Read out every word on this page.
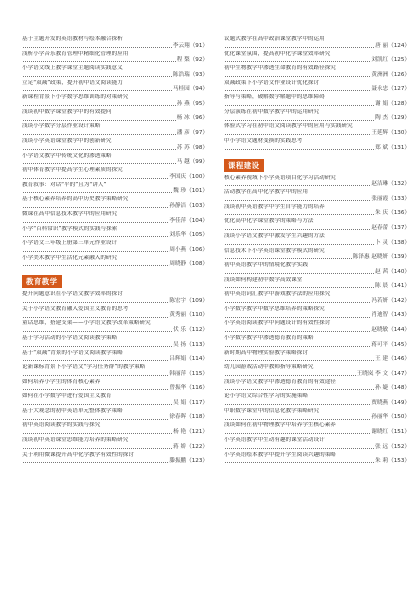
基于主题开发的英语教材与绘本融合探析
李云翔（91）
浅析小学音乐教育管理中精细化管理的应用
程 梨（92）
小学语文线上教学课堂主题阅读实践意义
陈浩瑞（93）
立足“双减”政策，提升初中语文阅读能力
马桂园（94）
新课程背景下小学数学思维训练的对策研究
孙 燕（95）
浅谈初中数学课堂教学中的有效提问
杨 冰（96）
浅谈小学数学分层作业设计策略
潘 彦（97）
浅谈小学英语课堂教学中的创新研究
苏 苏（98）
小学语文教学中传统文化的渗透策略
马 越（99）
初中体育教学中提高学生心理素质的探究
李国庆（100）
教育叙事：对话“平的”且为“讲人”
魏 珍（101）
基于核心素养培养的高中历史教学策略研究
孙静洁（103）
微课在高中信息技术教学中的应用研究
李佳萍（104）
小学“百科常识”教学模式的实践与探索
刘乐华（105）
小学语文三年级上册第三单元作业设计
周小燕（106）
小学美术教学中生活化元素融入的研究
周晓静（108）
教育教学

提升问题意识在小学语文教学效率的探讨
陈宏宇（109）
关于小学语文教育融入爱国主义教育的思考
黄秀丽（110）
童话思维，搭建支架——小学语文教学改革策略研究
伏 乐（112）
基于学习活动的小学语文阅读教学策略
吴 扬（113）
基于“双减”背景的小学语文阅读教学策略
吕辉娟（114）
论新课标背景下小学语文“学习任务群”的教学策略
韩丽萍（115）
如何培养小学生的体育核心素养
曾振华（116）
如何在小学数学中进行爱国主义教育
吴 娟（117）
基于大观念的初中英语单元整体教学策略
徐春晖（118）
初中英语阅读教学的实践与探究
杨 艳（121）
浅谈初中英语课堂思维能力培养的策略研究
蒋 娇（122）
关于利用微课提升高中化学教学有效性的探讨
滕振鹏（123）
议题式教学在高中政治课堂教学中的运用
唐 丽（124）
优化课堂氛围，提高初中化学课堂效率研究
刘凯红（125）
初中生物教学中渗透生命教育的有效路径探究
黄洲洲（126）
双减政策下小学语文作业设计优化探讨
聂永忠（127）
指导与策略，破解数学解题中的思维障碍
谢 娟（128）
分层演练在初中数学教学中的运用研究
陶 杰（129）
体验式学习在初中语文阅读教学中的应用与实践研究
王延辉（130）
中小学语文题材变换的实践思考
郑 斌（131）
课程建设

核心素养视域下小学英语项目化学习活动研究
赵洁琳（132）
活动教学在高中化学教学中的应用
张丽霞（133）
浅谈初中英语教学中学生自学能力的培养
朱 庆（136）
优化高中化学课堂教学的策略与方法
赵春蕾（137）
浅谈小学语文教学中激发学生兴趣的方法
卜 灵（138）
信息技术下小学英语课堂教学模式的研究
陈泽惠 赵晓妍（139）
初中英语教学中的情境化教学实践
赵 茜（140）
浅谈如何构建初中数学高效课堂
陈 晨（141）
初中英语词汇教学中游戏教学法的应用探究
冯若妍（142）
小学数学教学中数学思维培养的策略探究
肖迪智（143）
小学英语阅读教学中问题设计的有效性探讨
赵晓敏（144）
小学数学教学中渗透德育教育的策略
蒋可平（145）
新时期高中物理实验教学策略探讨
王 建（146）
幼儿园游戏活动中教师指导策略研究
王晓岚 李 文（147）
浅谈小学语文教学中渗透德育教育的有效途径
孙 婕（148）
论小学语文综合性学习的实施策略
贾晓燕（149）
中职数学课堂中的信息化教学策略研究
孙丽华（150）
浅谈如何在初中物理教学中培养学生核心素养
谢晓红（151）
小学英语教学中生动有趣的课堂活动设计
张 远（152）
小学英语绘本教学中提升学生阅读兴趣的策略
朱 莉（153）
